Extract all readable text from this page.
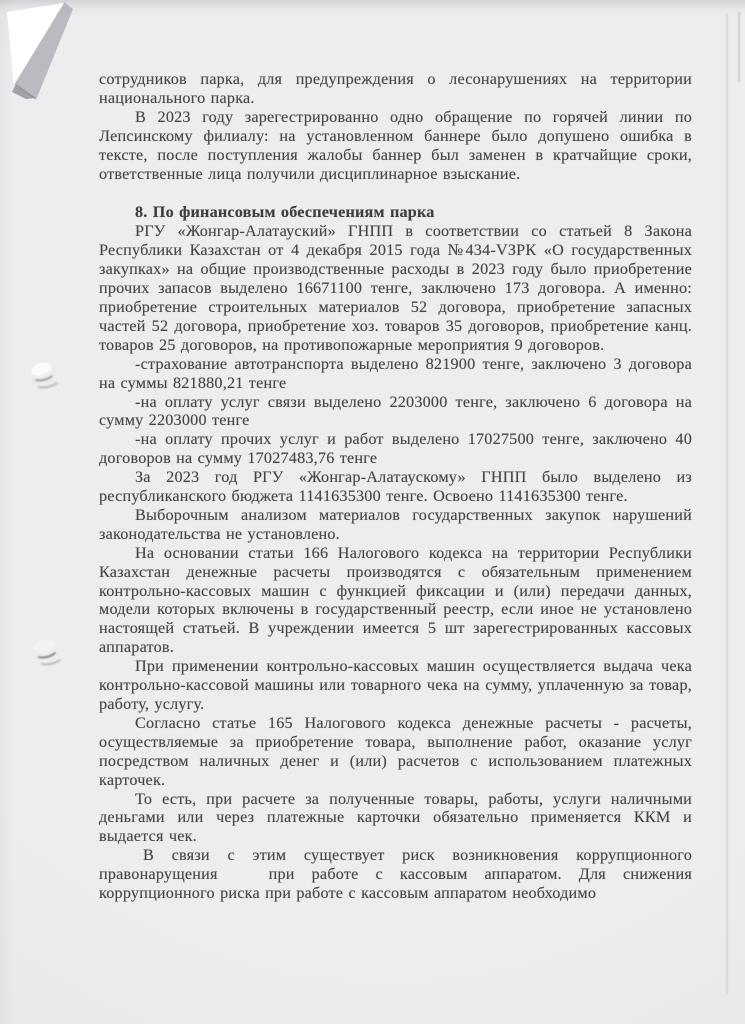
сотрудников парка, для предупреждения о лесонарушениях на территории национального парка.

В 2023 году зарегестрированно одно обращение по горячей линии по Лепсинскому филиалу: на установленном баннере было допушено ошибка в тексте, после поступления жалобы баннер был заменен в кратчайщие сроки, ответственные лица получили дисциплинарное взыскание.

8. По финансовым обеспечениям парка

РГУ «Жонгар-Алатауский» ГНПП в соответствии со статьей 8 Закона Республики Казахстан от 4 декабря 2015 года №434-VЗРК «О государственных закупках» на общие производственные расходы в 2023 году было приобретение прочих запасов выделено 16671100 тенге, заключено 173 договора. А именно: приобретение строительных материалов 52 договора, приобретение запасных частей 52 договора, приобретение хоз. товаров 35 договоров, приобретение канц. товаров 25 договоров, на противопожарные мероприятия 9 договоров.

-страхование автотранспорта выделено 821900 тенге, заключено 3 договора на суммы 821880,21 тенге

-на оплату услуг связи выделено 2203000 тенге, заключено 6 договора на сумму 2203000 тенге

-на оплату прочих услуг и работ выделено 17027500 тенге, заключено 40 договоров на сумму 17027483,76 тенге

За 2023 год РГУ «Жонгар-Алатаускому» ГНПП было выделено из республиканского бюджета 1141635300 тенге. Освоено 1141635300 тенге.

Выборочным анализом материалов государственных закупок нарушений законодательства не установлено.

На основании статьи 166 Налогового кодекса на территории Республики Казахстан денежные расчеты производятся с обязательным применением контрольно-кассовых машин с функцией фиксации и (или) передачи данных, модели которых включены в государственный реестр, если иное не установлено настоящей статьей. В учреждении имеется 5 шт зарегестрированных кассовых аппаратов.

При применении контрольно-кассовых машин осуществляется выдача чека контрольно-кассовой машины или товарного чека на сумму, уплаченную за товар, работу, услугу.

Согласно статье 165 Налогового кодекса денежные расчеты - расчеты, осуществляемые за приобретение товара, выполнение работ, оказание услуг посредством наличных денег и (или) расчетов с использованием платежных карточек.

То есть, при расчете за полученные товары, работы, услуги наличными деньгами или через платежные карточки обязательно применяется ККМ и выдается чек.

В связи с этим существует риск возникновения коррупционного правонарущения   при работе с кассовым аппаратом. Для снижения коррупционного риска при работе с кассовым аппаратом необходимо
